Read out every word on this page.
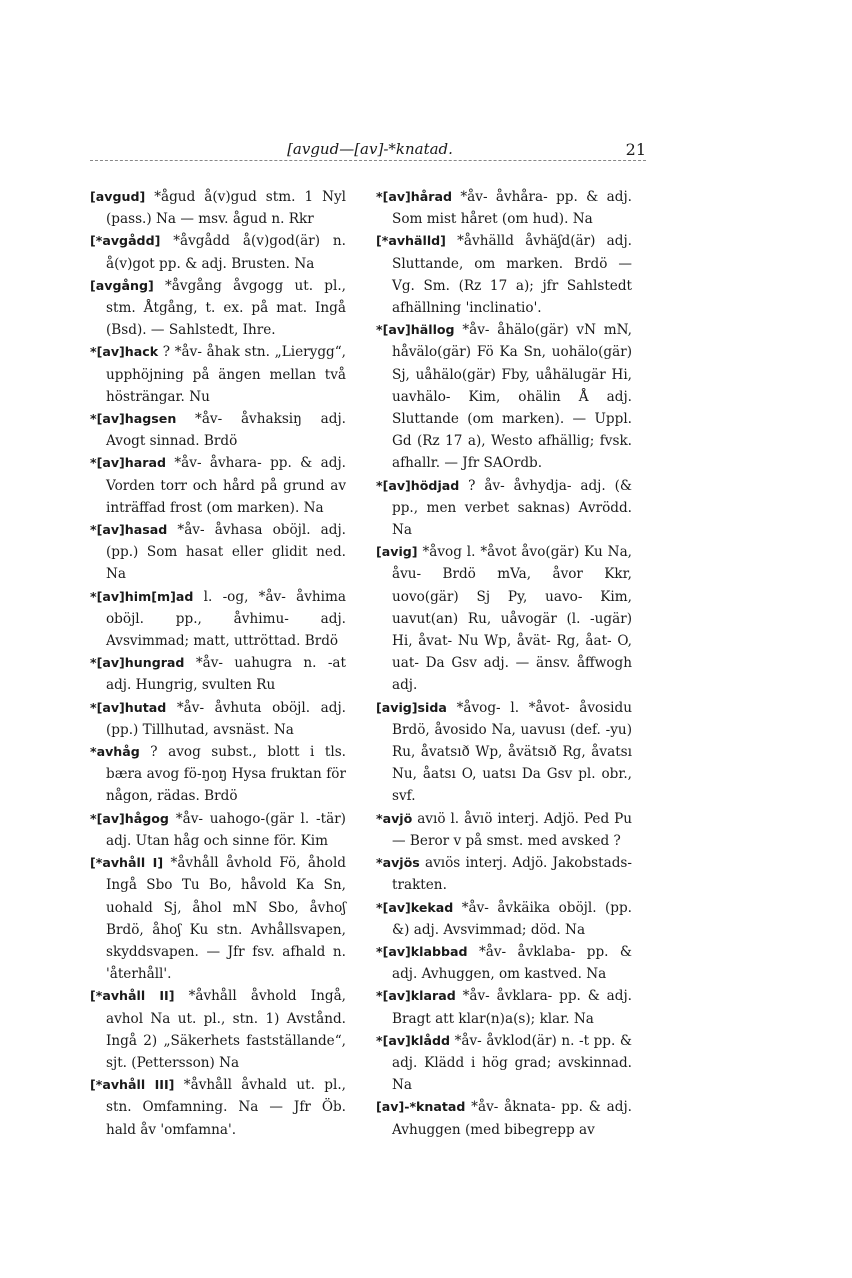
[avgud—[av]-*knatad.	21

[avgud] *ågud å(v)gud stm. 1 Nyl (pass.) Na — msv. ågud n. Rkr

[*avgådd] *åvgådd å(v)god(är) n. å(v)got pp. & adj. Brusten. Na

[avgång] *åvgång åvgogg ut. pl., stm. Åtgång, t. ex. på mat. Ingå (Bsd). — Sahlstedt, Ihre.

*[av]hack ? *åv- åhak stn. „Lierygg“, upphöjning på ängen mellan två hösträngar. Nu

*[av]hagsen *åv- åvhaksiŋ adj. Avogt sinnad. Brdö

*[av]harad *åv- åvhara- pp. & adj. Vorden torr och hård på grund av inträffad frost (om marken). Na

*[av]hasad *åv- åvhasa oböjl. adj. (pp.) Som hasat eller glidit ned. Na

*[av]him[m]ad l. -og, *åv- åvhima oböjl. pp., åvhimu- adj. Avsvimmad; matt, uttröttad. Brdö

*[av]hungrad *åv- uahugra n. -at adj. Hungrig, svulten Ru

*[av]hutad *åv- åvhuta oböjl. adj. (pp.) Tillhutad, avsnäst. Na

*avhåg ? avog subst., blott i tls. bæra avog fö-ŋoŋ Hysa fruktan för någon, rädas. Brdö

*[av]hågog *åv- uahogo-(gär l. -tär) adj. Utan håg och sinne för. Kim

[*avhåll I] *åvhåll åvhold Fö, åhold Ingå Sbo Tu Bo, håvold Ka Sn, uohald Sj, åhol mN Sbo, åvhoʃ Brdö, åhoʃ Ku stn. Avhållsvapen, skyddsvapen. — Jfr fsv. afhald n. 'återhåll'.

[*avhåll II] *åvhåll åvhold Ingå, avhol Na ut. pl., stn. 1) Avstånd. Ingå 2) „Säkerhets fastställande“, sjt. (Pettersson) Na

[*avhåll III] *åvhåll åvhald ut. pl., stn. Omfamning. Na — Jfr Öb. hald åv 'omfamna'.

*[av]hårad *åv- åvhåra- pp. & adj. Som mist håret (om hud). Na

[*avhälld] *åvhälld åvhäʃd(är) adj. Sluttande, om marken. Brdö — Vg. Sm. (Rz 17 a); jfr Sahlstedt afhällning 'inclinatio'.

*[av]hällog *åv- åhälo(gär) vN mN, håvälo(gär) Fö Ka Sn, uohälo(gär) Sj, uåhälo(gär) Fby, uåhälugär Hi, uavhälo- Kim, ohälin Å adj. Sluttande (om marken). — Uppl. Gd (Rz 17 a), Westo afhällig; fvsk. afhallr. — Jfr SAOrdb.

*[av]hödjad ? åv- åvhydja- adj. (& pp., men verbet saknas) Avrödd. Na

[avig] *åvog l. *åvot åvo(gär) Ku Na, åvu- Brdö mVa, åvor Kkr, uovo(gär) Sj Py, uavo- Kim, uavut(an) Ru, uåvogär (l. -ugär) Hi, åvat- Nu Wp, åvät- Rg, åat- O, uat- Da Gsv adj. — änsv. åffwogh adj.

[avig]sida *åvog- l. *åvot- åvosidu Brdö, åvosido Na, uavusı (def. -yu) Ru, åvatsıð Wp, åvätsıð Rg, åvatsı Nu, åatsı O, uatsı Da Gsv pl. obr., svf.

*avjö avıö l. åvıö interj. Adjö. Ped Pu — Beror v på smst. med avsked ?

*avjös avıös interj. Adjö. Jakobstads-trakten.

*[av]kekad *åv- åvkäika oböjl. (pp. &) adj. Avsvimmad; död. Na

*[av]klabbad *åv- åvklaba- pp. & adj. Avhuggen, om kastved. Na

*[av]klarad *åv- åvklara- pp. & adj. Bragt att klar(n)a(s); klar. Na

*[av]klådd *åv- åvklod(är) n. -t pp. & adj. Klädd i hög grad; avskinnad. Na

[av]-*knatad *åv- åknata- pp. & adj. Avhuggen (med bibegrepp av
